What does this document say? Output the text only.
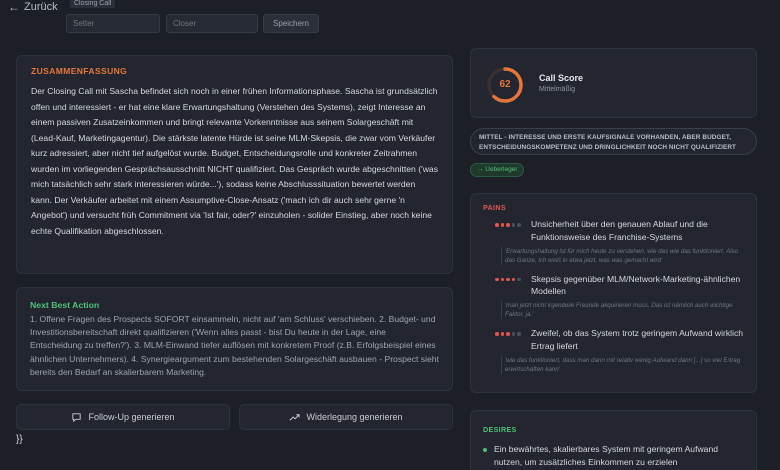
← Zurück	Closing Call
Setter
Closer
Speichern
ZUSAMMENFASSUNG

Der Closing Call mit Sascha befindet sich noch in einer frühen Informationsphase. Sascha ist grundsätzlich offen und interessiert - er hat eine klare Erwartungshaltung (Verstehen des Systems), zeigt Interesse an einem passiven Zusatzeinkommen und bringt relevante Vorkenntnisse aus seinem Solargeschäft mit (Lead-Kauf, Marketingagentur). Die stärkste latente Hürde ist seine MLM-Skepsis, die zwar vom Verkäufer kurz adressiert, aber nicht tief aufgelöst wurde. Budget, Entscheidungsrolle und konkreter Zeitrahmen wurden im vorliegenden Gesprächsausschnitt NICHT qualifiziert. Das Gespräch wurde abgeschnitten ('was mich tatsächlich sehr stark interessieren würde...'), sodass keine Abschlusssituation bewertet werden kann. Der Verkäufer arbeitet mit einem Assumptive-Close-Ansatz ('mach ich dir auch sehr gerne 'n Angebot') und versucht früh Commitment via 'Ist fair, oder?' einzuholen - solider Einstieg, aber noch keine echte Qualifikation abgeschlossen.

Next Best Action

1. Offene Fragen des Prospects SOFORT einsammeln, nicht auf 'am Schluss' verschieben. 2. Budget- und Investitionsbereitschaft direkt qualifizieren ('Wenn alles passt - bist Du heute in der Lage, eine Entscheidung zu treffen?'). 3. MLM-Einwand tiefer auflösen mit konkretem Proof (z.B. Erfolgsbeispiel eines ähnlichen Unternehmers). 4. Synergieargument zum bestehenden Solargeschäft ausbauen - Prospect sieht bereits den Bedarf an skalierbarem Marketing.

Follow-Up generieren	Widerlegung generieren
}}
62
Call Score
Mittelmäßig
MITTEL - INTERESSE UND ERSTE KAUFSIGNALE VORHANDEN, ABER BUDGET, ENTSCHEIDUNGSKOMPETENZ UND DRINGLICHKEIT NOCH NICHT QUALIFIZIERT
→ Ueberleger
PAINS
Unsicherheit über den genauen Ablauf und die Funktionsweise des Franchise-Systems
'Erwartungshaltung ist für mich heute zu verstehen, wie das wie das funktioniert. Also das Ganze, ich weiß in etwa jetzt, was was gemacht wird'
Skepsis gegenüber MLM/Network-Marketing-ähnlichen Modellen
'man jetzt nicht irgendwie Freunde akquirieren muss. Das ist nämlich auch wichtige Faktor, ja.'
Zweifel, ob das System trotz geringem Aufwand wirklich Ertrag liefert
'wie das funktioniert, dass man dann mit relativ wenig Aufwand dann [...] so viel Ertrag erwirtschaften kann'
DESIRES
Ein bewährtes, skalierbares System mit geringem Aufwand nutzen, um zusätzliches Einkommen zu erzielen
